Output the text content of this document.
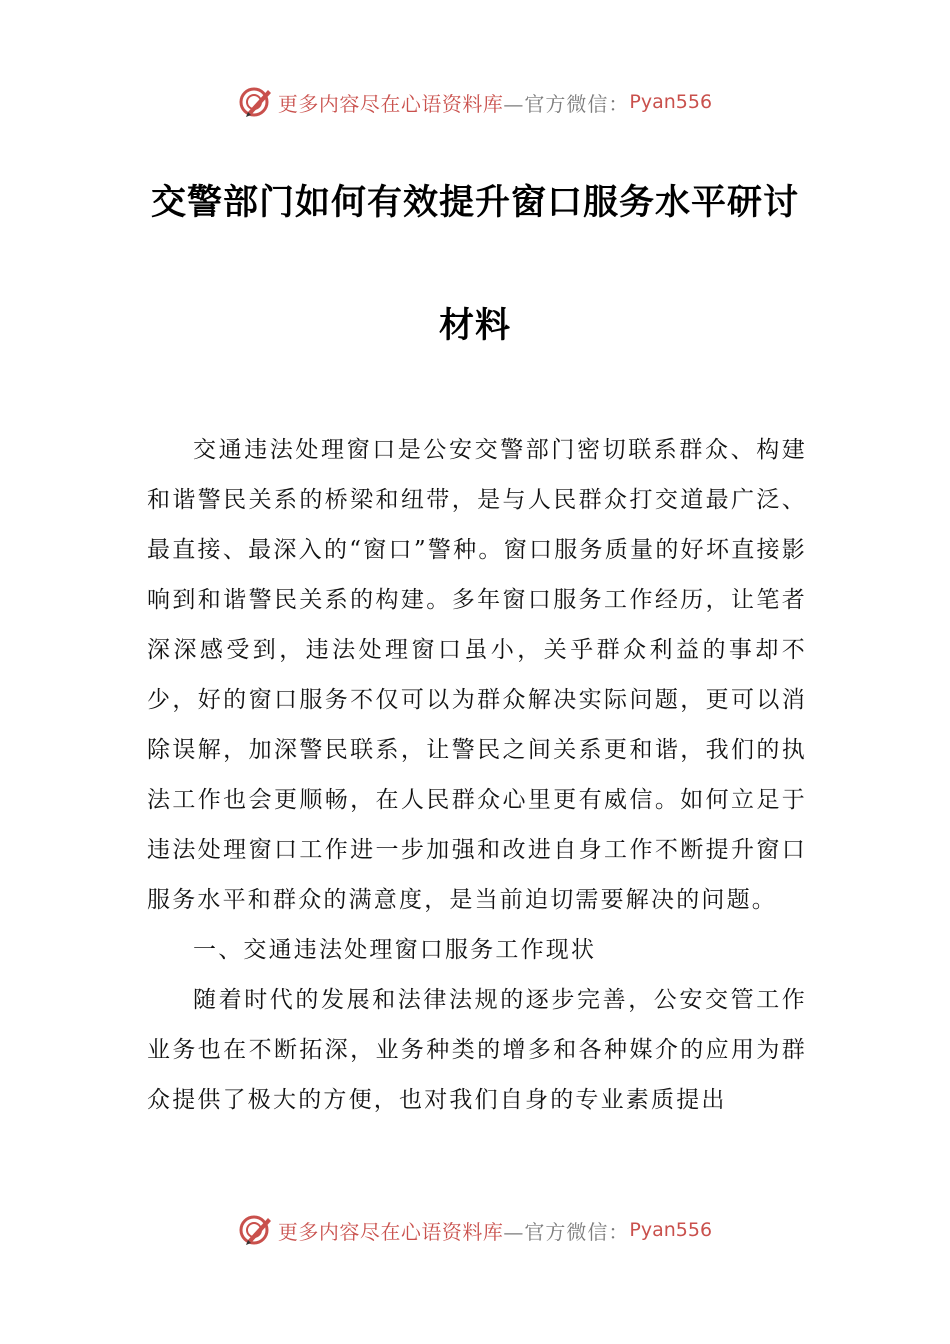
更多内容尽在心语资料库 —官方微信： Pyan556
交警部门如何有效提升窗口服务水平研讨
材料

交通违法处理窗口是公安交警部门密切联系群众、构建和谐警民关系的桥梁和纽带，是与人民群众打交道最广泛、最直接、最深入的“窗口”警种。窗口服务质量的好坏直接影响到和谐警民关系的构建。多年窗口服务工作经历，让笔者深深感受到，违法处理窗口虽小，关乎群众利益的事却不少，好的窗口服务不仅可以为群众解决实际问题，更可以消除误解，加深警民联系，让警民之间关系更和谐，我们的执法工作也会更顺畅，在人民群众心里更有威信。如何立足于违法处理窗口工作进一步加强和改进自身工作不断提升窗口服务水平和群众的满意度，是当前迫切需要解决的问题。

一、交通违法处理窗口服务工作现状

随着时代的发展和法律法规的逐步完善，公安交管工作业务也在不断拓深，业务种类的增多和各种媒介的应用为群众提供了极大的方便，也对我们自身的专业素质提出

更多内容尽在心语资料库 —官方微信： Pyan556
